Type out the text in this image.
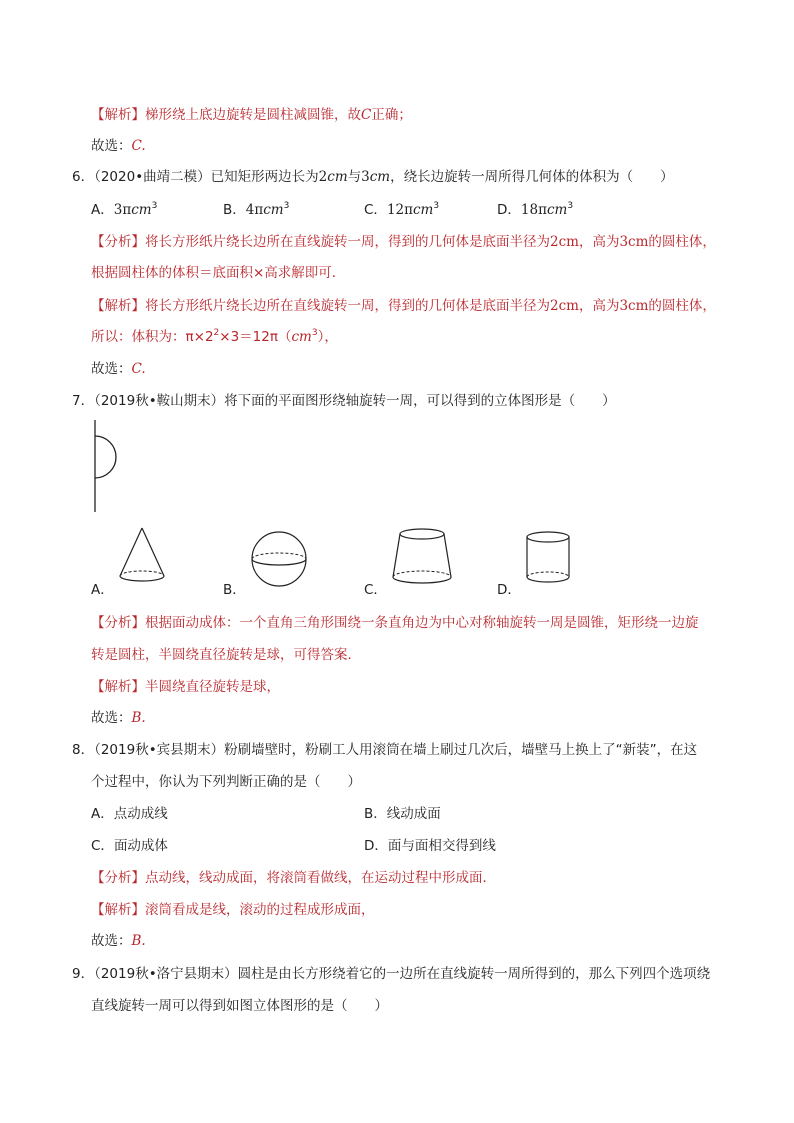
【解析】梯形绕上底边旋转是圆柱减圆锥，故C正确；
故选：C.
6．（2020•曲靖二模）已知矩形两边长为2cm与3cm，绕长边旋转一周所得几何体的体积为（　　）
A．3πcm$^3$	B．4πcm$^3$	C．12πcm$^3$	D．18πcm$^3$
【分析】将长方形纸片绕长边所在直线旋转一周，得到的几何体是底面半径为2cm，高为3cm的圆柱体，
根据圆柱体的体积＝底面积×高求解即可．
【解析】将长方形纸片绕长边所在直线旋转一周，得到的几何体是底面半径为2cm，高为3cm的圆柱体，
所以：体积为：$\pi\times 2^2\times 3=12\pi(cm^3)$，
故选：C.
7．（2019秋•鞍山期末）将下面的平面图形绕轴旋转一周，可以得到的立体图形是（　　）
A．	B．	C．	D．
【分析】根据面动成体：一个直角三角形围绕一条直角边为中心对称轴旋转一周是圆锥，矩形绕一边旋
转是圆柱，半圆绕直径旋转是球，可得答案．
【解析】半圆绕直径旋转是球，
故选：B.
8．（2019秋•宾县期末）粉刷墙壁时，粉刷工人用滚筒在墙上刷过几次后，墙壁马上换上了“新装”，在这
个过程中，你认为下列判断正确的是（　　）
A．点动成线	B．线动成面
C．面动成体	D．面与面相交得到线
【分析】点动线，线动成面，将滚筒看做线，在运动过程中形成面．
【解析】滚筒看成是线，滚动的过程成形成面，
故选：B.
9．（2019秋•洛宁县期末）圆柱是由长方形绕着它的一边所在直线旋转一周所得到的，那么下列四个选项绕
直线旋转一周可以得到如图立体图形的是（　　）
